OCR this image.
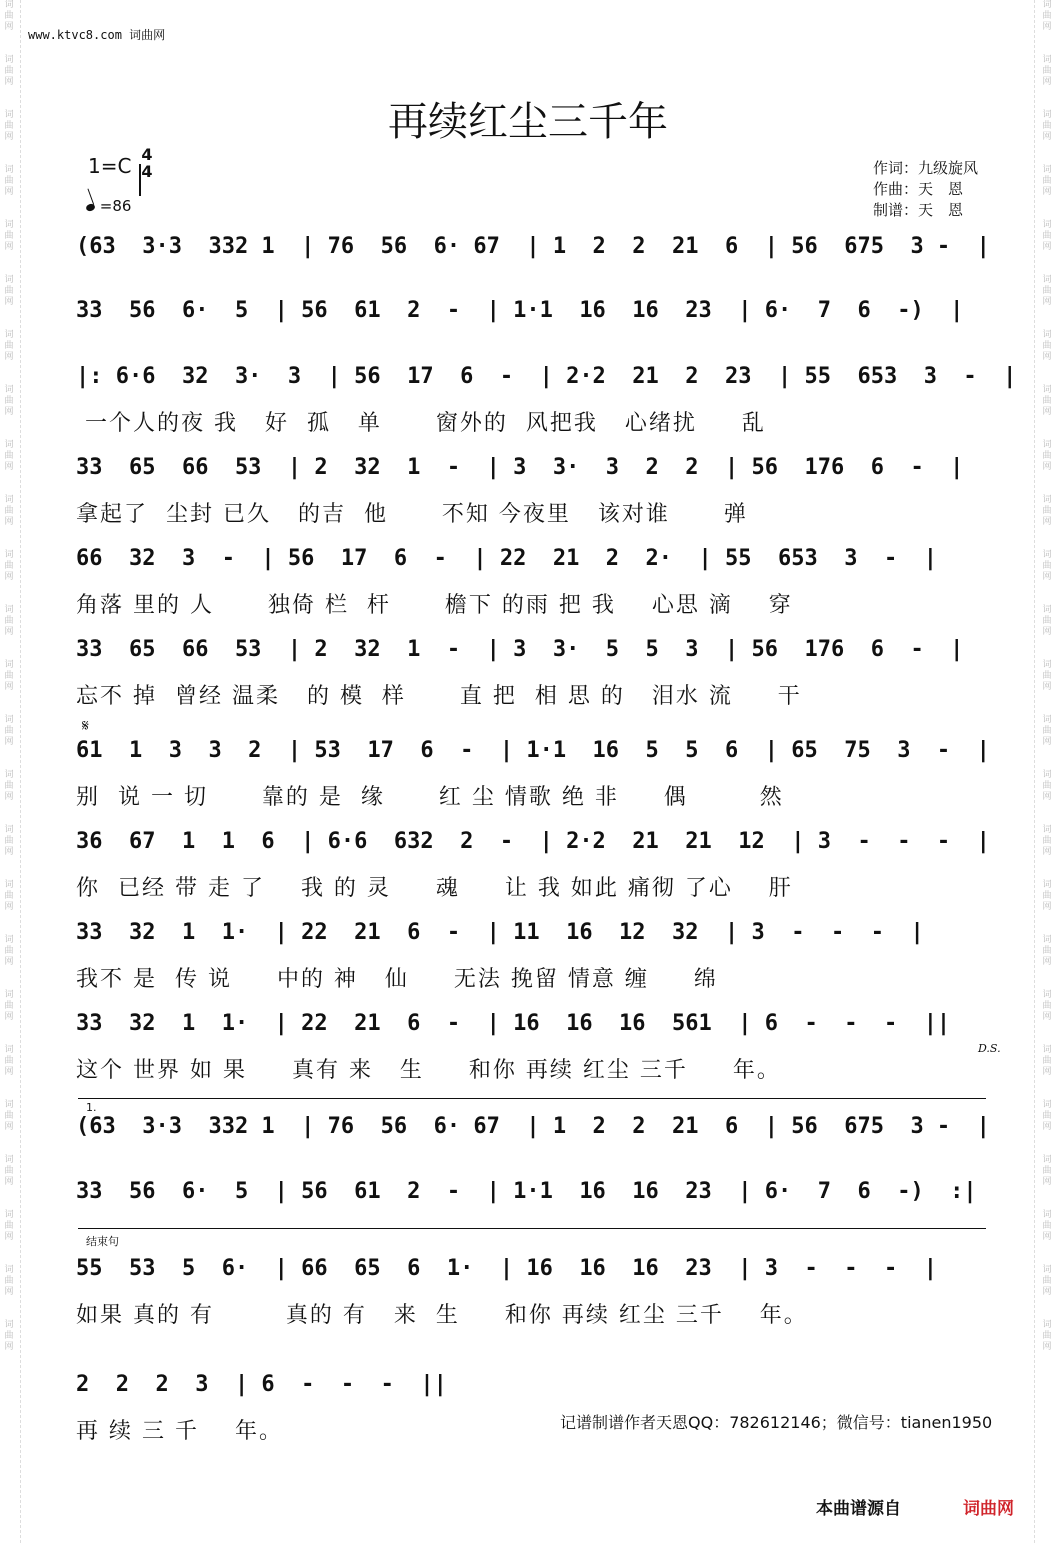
词
曲
网

词
曲
网

词
曲
网

词
曲
网

词
曲
网

词
曲
网

词
曲
网

词
曲
网

词
曲
网

词
曲
网

词
曲
网

词
曲
网

词
曲
网

词
曲
网

词
曲
网

词
曲
网

词
曲
网

词
曲
网

词
曲
网

词
曲
网

词
曲
网

词
曲
网

词
曲
网

词
曲
网

词
曲
网
词
曲
网

词
曲
网

词
曲
网

词
曲
网

词
曲
网

词
曲
网

词
曲
网

词
曲
网

词
曲
网

词
曲
网

词
曲
网

词
曲
网

词
曲
网

词
曲
网

词
曲
网

词
曲
网

词
曲
网

词
曲
网

词
曲
网

词
曲
网

词
曲
网

词
曲
网

词
曲
网

词
曲
网

词
曲
网
www.ktvc8.com 词曲网
再续红尘三千年
1=C 4
4
=86
作词：九级旋风
作曲：天　恩
制谱：天　恩
(63  3·3  332 1  | 76  56  6· 67  | 1  2  2  21  6  | 56  675  3 -  |
33  56  6·  5  | 56  61  2  -  | 1·1  16  16  23  | 6·  7  6  -)  |
|: 6·6  32  3·  3  | 56  17  6  -  | 2·2  21  2  23  | 55  653  3  -  |
一个人的夜 我   好  孤   单      窗外的  风把我   心绪扰     乱
33  65  66  53  | 2  32  1  -  | 3  3·  3  2  2  | 56  176  6  -  |
拿起了  尘封 已久   的吉  他      不知 今夜里   该对谁      弹
66  32  3  -  | 56  17  6  -  | 22  21  2  2·  | 55  653  3  -  |
角落 里的 人      独倚 栏  杆      檐下 的雨 把 我    心思 滴    穿
33  65  66  53  | 2  32  1  -  | 3  3·  5  5  3  | 56  176  6  -  |
忘不 掉  曾经 温柔   的 模  样      直 把  相 思 的   泪水 流     干
61  1  3  3  2  | 53  17  6  -  | 1·1  16  5  5  6  | 65  75  3  -  |
别  说 一 切      靠的 是  缘      红 尘 情歌 绝 非     偶        然
36  67  1  1  6  | 6·6  632  2  -  | 2·2  21  21  12  | 3  -  -  -  |
你  已经 带 走 了    我 的 灵     魂     让 我 如此 痛彻 了心    肝
33  32  1  1·  | 22  21  6  -  | 11  16  12  32  | 3  -  -  -  |
我不 是  传 说     中的 神   仙     无法 挽留 情意 缠     绵
33  32  1  1·  | 22  21  6  -  | 16  16  16  561  | 6  -  -  -  ||
这个 世界 如 果     真有 来   生     和你 再续 红尘 三千     年。
(63  3·3  332 1  | 76  56  6· 67  | 1  2  2  21  6  | 56  675  3 -  |
33  56  6·  5  | 56  61  2  -  | 1·1  16  16  23  | 6·  7  6  -)  :|
55  53  5  6·  | 66  65  6  1·  | 16  16  16  23  | 3  -  -  -  |
如果 真的 有        真的 有   来  生     和你 再续 红尘 三千    年。
2  2  2  3  | 6  -  -  -  ||
再 续 三 千    年。
𝄋
D.S.
1.
结束句
记谱制谱作者天恩QQ：782612146；微信号：tianen1950
本曲谱源自	词曲网
